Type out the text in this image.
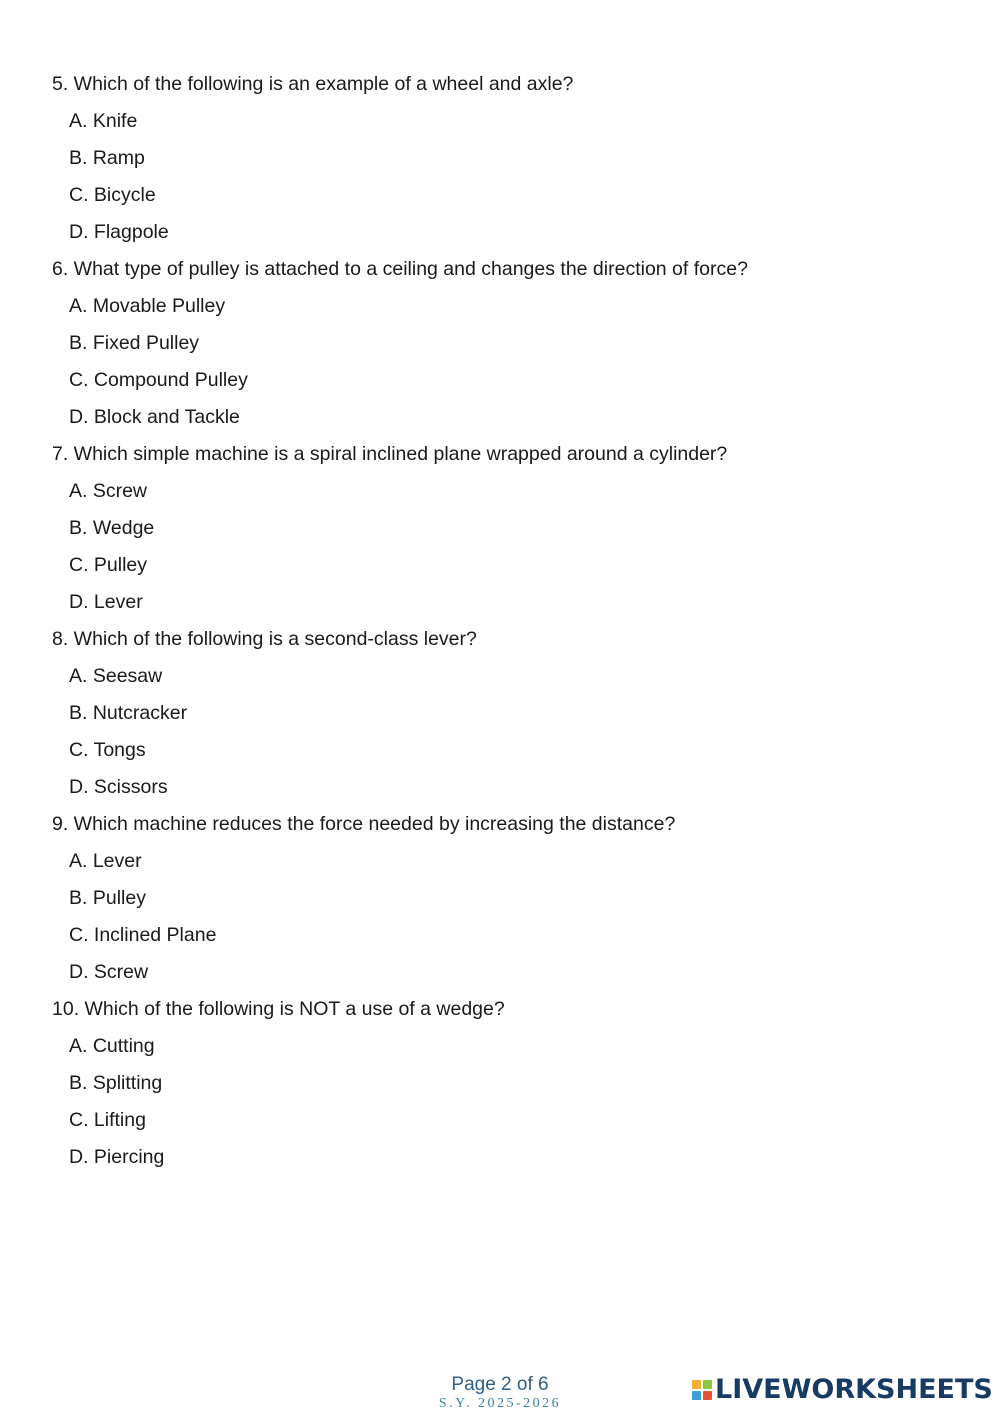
5. Which of the following is an example of a wheel and axle?
A. Knife
B. Ramp
C. Bicycle
D. Flagpole
6. What type of pulley is attached to a ceiling and changes the direction of force?
A. Movable Pulley
B. Fixed Pulley
C. Compound Pulley
D. Block and Tackle
7. Which simple machine is a spiral inclined plane wrapped around a cylinder?
A. Screw
B. Wedge
C. Pulley
D. Lever
8. Which of the following is a second-class lever?
A. Seesaw
B. Nutcracker
C. Tongs
D. Scissors
9. Which machine reduces the force needed by increasing the distance?
A. Lever
B. Pulley
C. Inclined Plane
D. Screw
10. Which of the following is NOT a use of a wedge?
A. Cutting
B. Splitting
C. Lifting
D. Piercing
Page 2 of 6
S.Y. 2025-2026	LIVEWORKSHEETS
